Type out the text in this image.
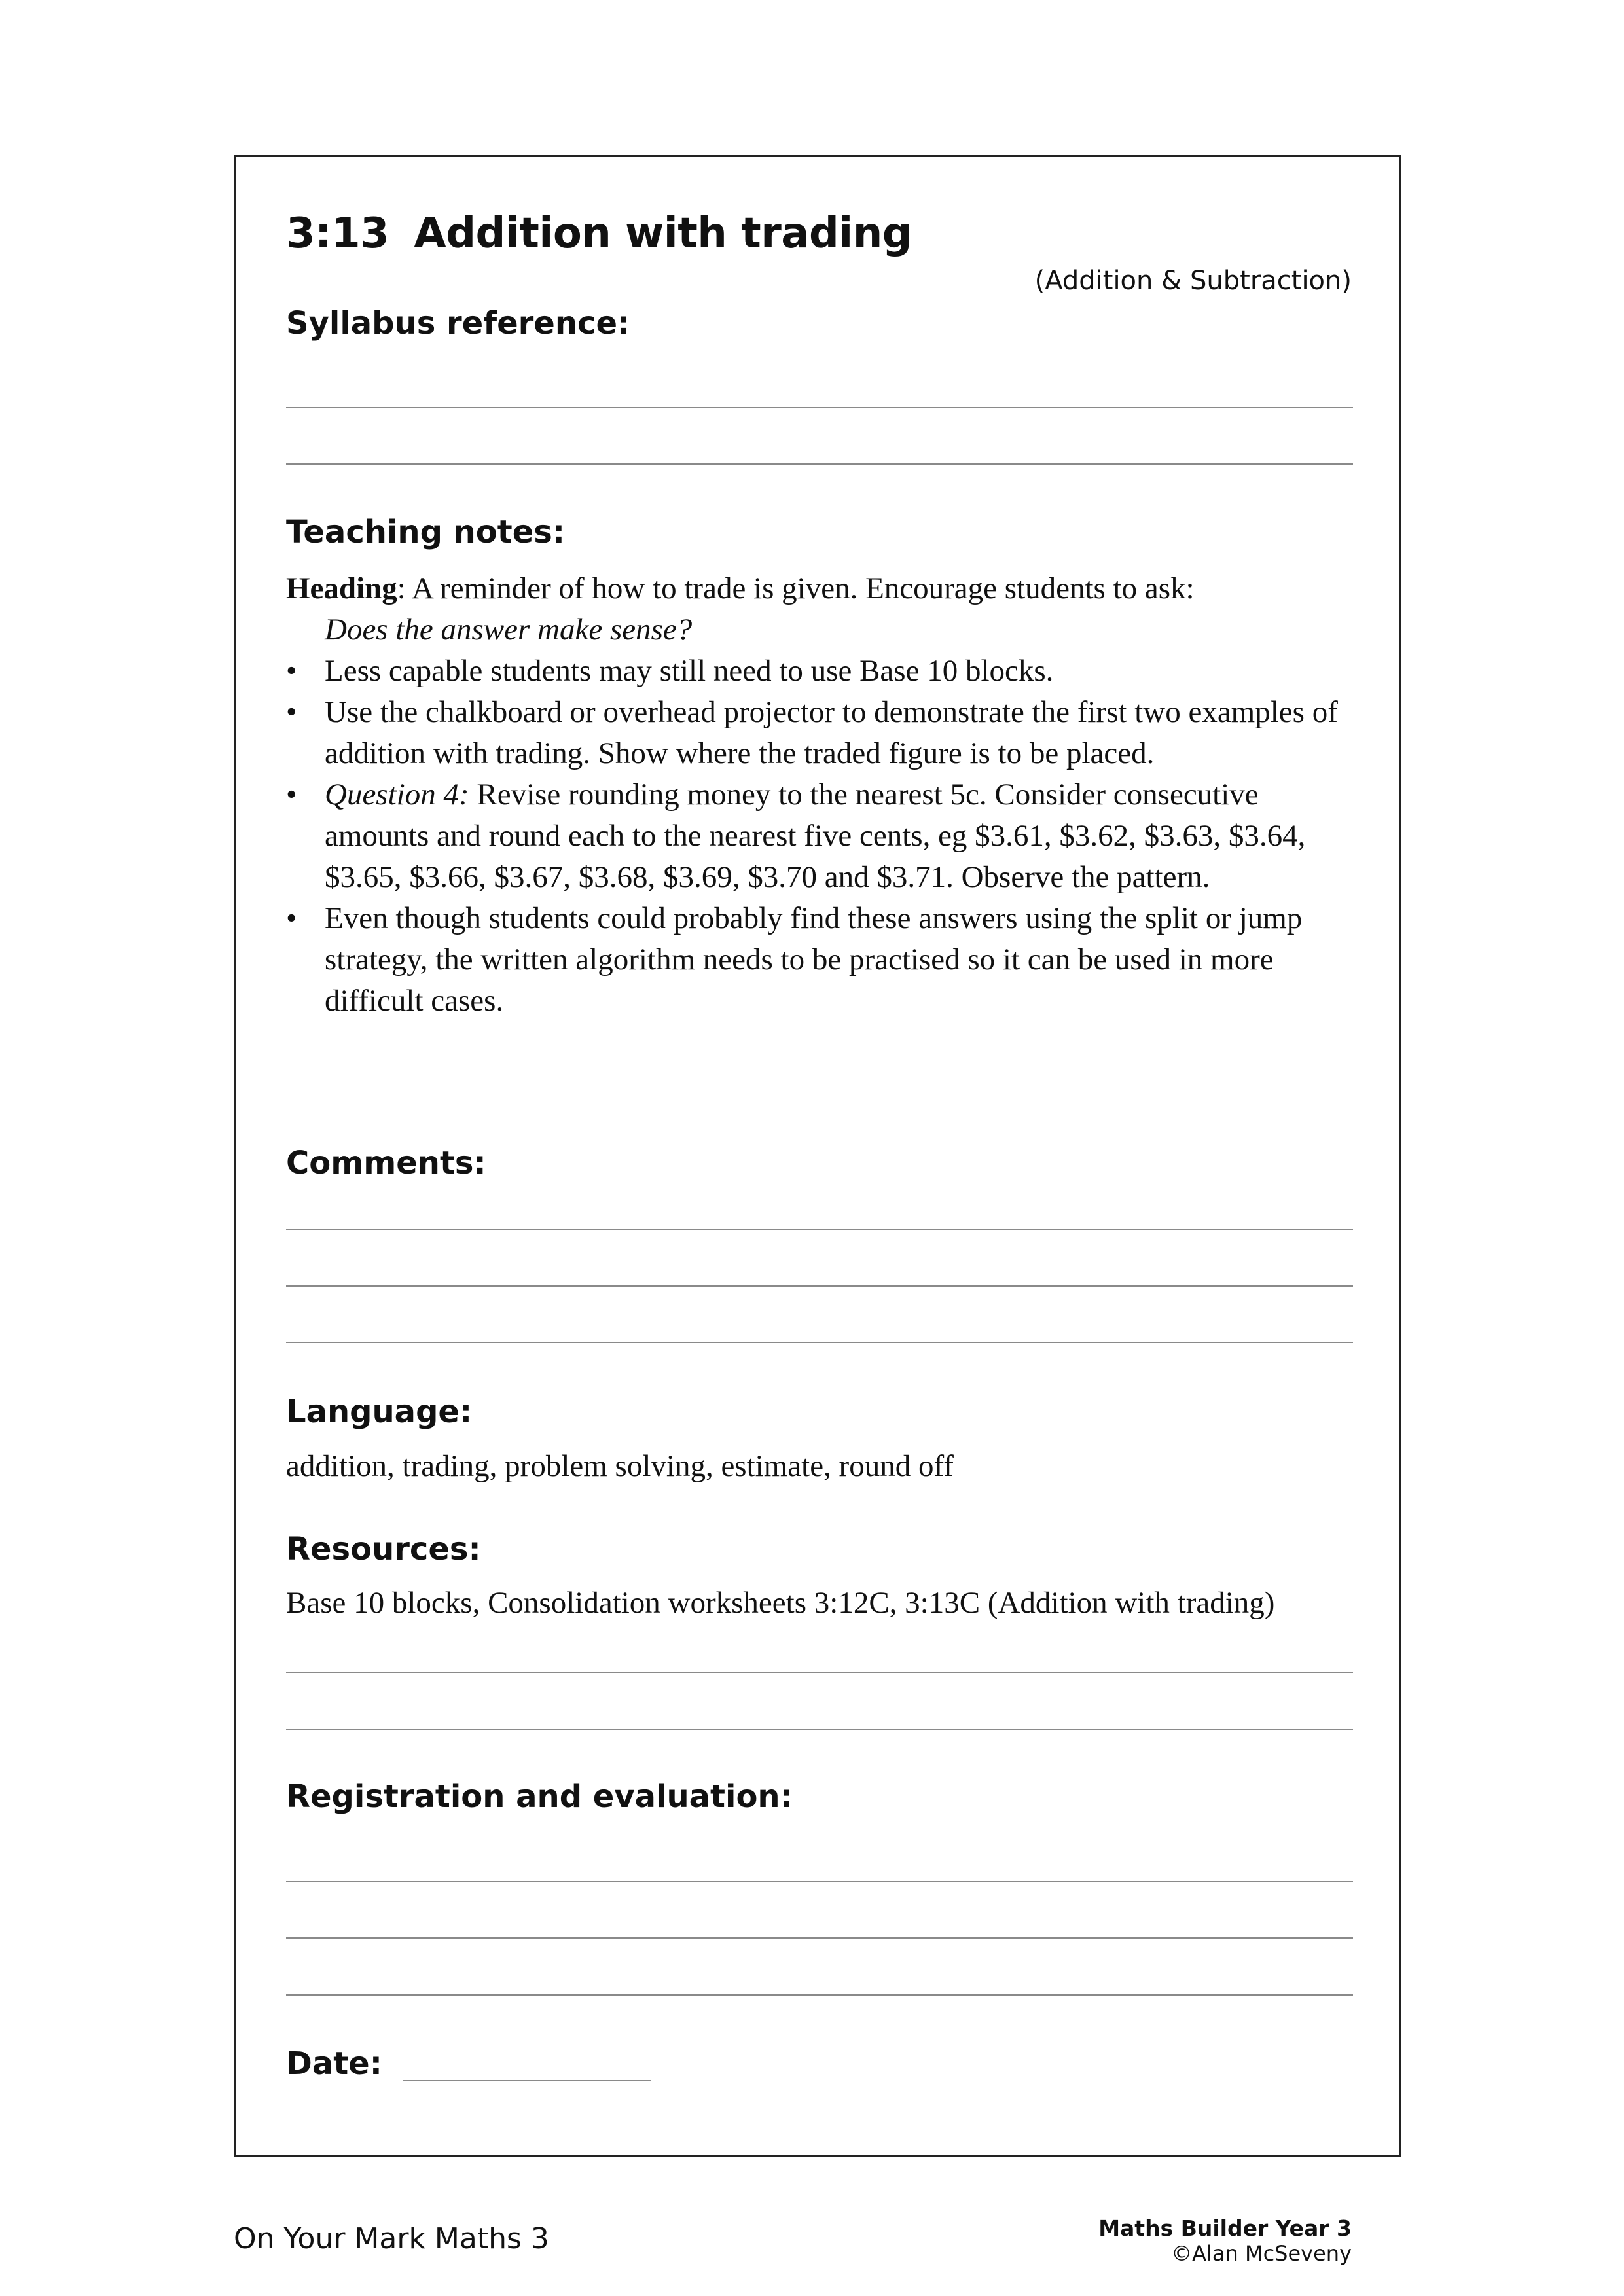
3:13 Addition with trading
(Addition & Subtraction)
Syllabus reference:
Teaching notes:

Heading: A reminder of how to trade is given. Encourage students to ask:

Does the answer make sense?

• Less capable students may still need to use Base 10 blocks.
• Use the chalkboard or overhead projector to demonstrate the first two examples of addition with trading. Show where the traded figure is to be placed.
• Question 4: Revise rounding money to the nearest 5c. Consider consecutive amounts and round each to the nearest five cents, eg $3.61, $3.62, $3.63, $3.64, $3.65, $3.66, $3.67, $3.68, $3.69, $3.70 and $3.71. Observe the pattern.
• Even though students could probably find these answers using the split or jump strategy, the written algorithm needs to be practised so it can be used in more difficult cases.
Comments:
Language:
addition, trading, problem solving, estimate, round off
Resources:
Base 10 blocks, Consolidation worksheets 3:12C, 3:13C (Addition with trading)
Registration and evaluation:
Date:
On Your Mark Maths 3	Maths Builder Year 3
©Alan McSeveny
